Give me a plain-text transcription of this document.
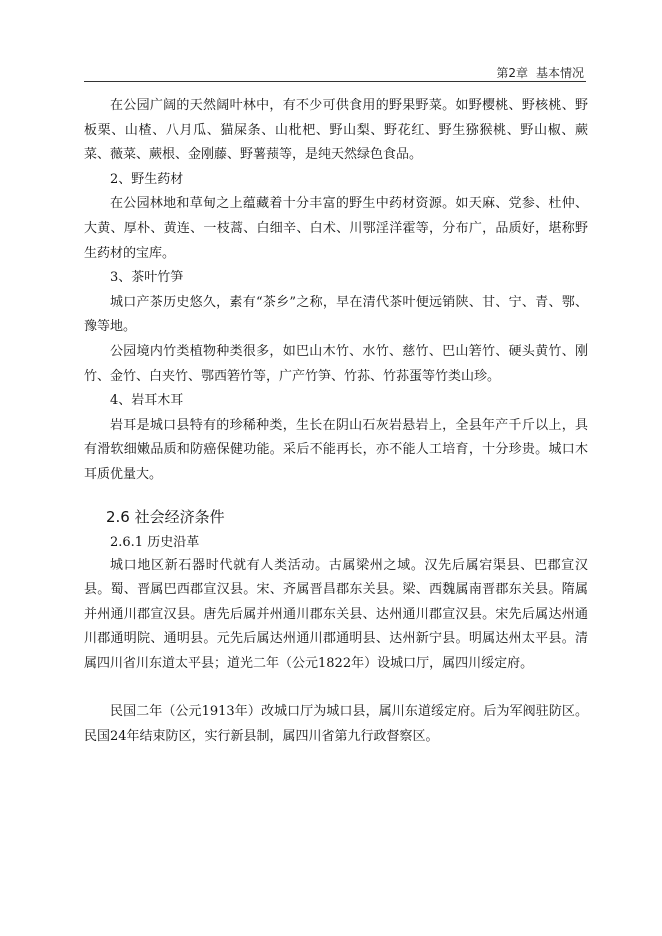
第2章 基本情况

在公园广阔的天然阔叶林中，有不少可供食用的野果野菜。如野樱桃、野核桃、野板栗、山楂、八月瓜、猫屎条、山枇杷、野山梨、野花红、野生猕猴桃、野山椒、蕨菜、薇菜、蕨根、金刚藤、野薯蓣等，是纯天然绿色食品。

2、野生药材

在公园林地和草甸之上蕴藏着十分丰富的野生中药材资源。如天麻、党参、杜仲、大黄、厚朴、黄连、一枝蒿、白细辛、白术、川鄂淫洋霍等，分布广，品质好，堪称野生药材的宝库。

3、茶叶竹笋

城口产茶历史悠久，素有“茶乡”之称，早在清代茶叶便远销陕、甘、宁、青、鄂、豫等地。

公园境内竹类植物种类很多，如巴山木竹、水竹、慈竹、巴山箬竹、硬头黄竹、刚竹、金竹、白夹竹、鄂西箬竹等，广产竹笋、竹荪、竹荪蛋等竹类山珍。

4、岩耳木耳

岩耳是城口县特有的珍稀种类，生长在阴山石灰岩悬岩上，全县年产千斤以上，具有滑软细嫩品质和防癌保健功能。采后不能再长，亦不能人工培育，十分珍贵。城口木耳质优量大。

2.6 社会经济条件
2.6.1 历史沿革

城口地区新石器时代就有人类活动。古属梁州之域。汉先后属宕渠县、巴郡宣汉县。蜀、晋属巴西郡宣汉县。宋、齐属晋昌郡东关县。梁、西魏属南晋郡东关县。隋属并州通川郡宣汉县。唐先后属并州通川郡东关县、达州通川郡宣汉县。宋先后属达州通川郡通明院、通明县。元先后属达州通川郡通明县、达州新宁县。明属达州太平县。清属四川省川东道太平县；道光二年（公元1822年）设城口厅，属四川绥定府。

民国二年（公元1913年）改城口厅为城口县，属川东道绥定府。后为军阀驻防区。民国24年结束防区，实行新县制，属四川省第九行政督察区。
